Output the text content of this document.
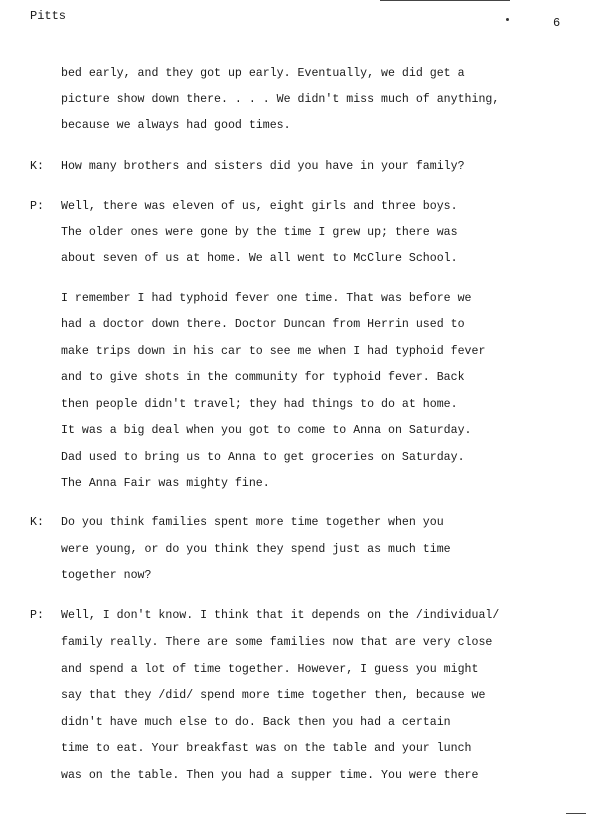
Pitts	6
bed early, and they got up early. Eventually, we did get a
picture show down there. . . . We didn't miss much of anything,
because we always had good times.
K: How many brothers and sisters did you have in your family?
P: Well, there was eleven of us, eight girls and three boys.
The older ones were gone by the time I grew up; there was
about seven of us at home. We all went to McClure School.
I remember I had typhoid fever one time. That was before we
had a doctor down there. Doctor Duncan from Herrin used to
make trips down in his car to see me when I had typhoid fever
and to give shots in the community for typhoid fever. Back
then people didn't travel; they had things to do at home.
It was a big deal when you got to come to Anna on Saturday.
Dad used to bring us to Anna to get groceries on Saturday.
The Anna Fair was mighty fine.
K: Do you think families spent more time together when you
were young, or do you think they spend just as much time
together now?
P: Well, I don't know. I think that it depends on the /individual/
family really. There are some families now that are very close
and spend a lot of time together. However, I guess you might
say that they /did/ spend more time together then, because we
didn't have much else to do. Back then you had a certain
time to eat. Your breakfast was on the table and your lunch
was on the table. Then you had a supper time. You were there
